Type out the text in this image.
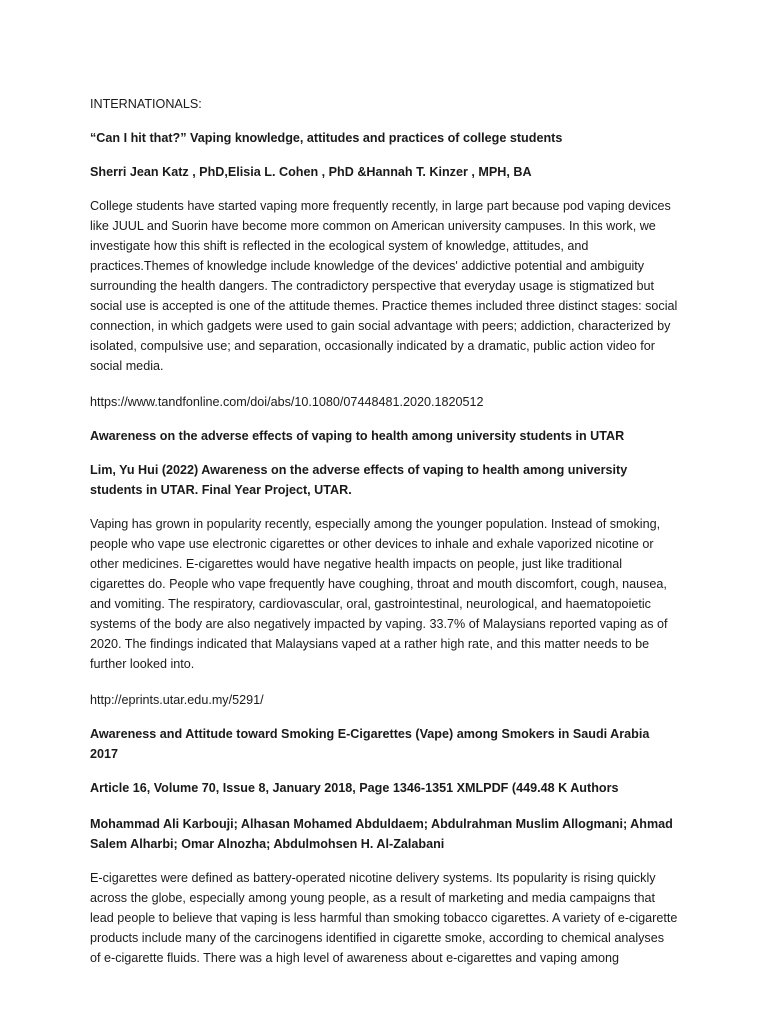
INTERNATIONALS:

“Can I hit that?” Vaping knowledge, attitudes and practices of college students

Sherri Jean Katz , PhD,Elisia L. Cohen , PhD &Hannah T. Kinzer , MPH, BA

College students have started vaping more frequently recently, in large part because pod vaping devices like JUUL and Suorin have become more common on American university campuses. In this work, we investigate how this shift is reflected in the ecological system of knowledge, attitudes, and practices.Themes of knowledge include knowledge of the devices' addictive potential and ambiguity surrounding the health dangers. The contradictory perspective that everyday usage is stigmatized but social use is accepted is one of the attitude themes. Practice themes included three distinct stages: social connection, in which gadgets were used to gain social advantage with peers; addiction, characterized by isolated, compulsive use; and separation, occasionally indicated by a dramatic, public action video for social media.

https://www.tandfonline.com/doi/abs/10.1080/07448481.2020.1820512

Awareness on the adverse effects of vaping to health among university students in UTAR

Lim, Yu Hui (2022) Awareness on the adverse effects of vaping to health among university students in UTAR. Final Year Project, UTAR.

Vaping has grown in popularity recently, especially among the younger population. Instead of smoking, people who vape use electronic cigarettes or other devices to inhale and exhale vaporized nicotine or other medicines. E-cigarettes would have negative health impacts on people, just like traditional cigarettes do. People who vape frequently have coughing, throat and mouth discomfort, cough, nausea, and vomiting. The respiratory, cardiovascular, oral, gastrointestinal, neurological, and haematopoietic systems of the body are also negatively impacted by vaping. 33.7% of Malaysians reported vaping as of 2020. The findings indicated that Malaysians vaped at a rather high rate, and this matter needs to be further looked into.

http://eprints.utar.edu.my/5291/

Awareness and Attitude toward Smoking E-Cigarettes (Vape) among Smokers in Saudi Arabia 2017

Article 16, Volume 70, Issue 8, January 2018, Page 1346-1351 XMLPDF (449.48 K Authors

Mohammad Ali Karbouji; Alhasan Mohamed Abduldaem; Abdulrahman Muslim Allogmani; Ahmad Salem Alharbi; Omar Alnozha; Abdulmohsen H. Al-Zalabani

E-cigarettes were defined as battery-operated nicotine delivery systems. Its popularity is rising quickly across the globe, especially among young people, as a result of marketing and media campaigns that lead people to believe that vaping is less harmful than smoking tobacco cigarettes. A variety of e-cigarette products include many of the carcinogens identified in cigarette smoke, according to chemical analyses of e-cigarette fluids. There was a high level of awareness about e-cigarettes and vaping among
